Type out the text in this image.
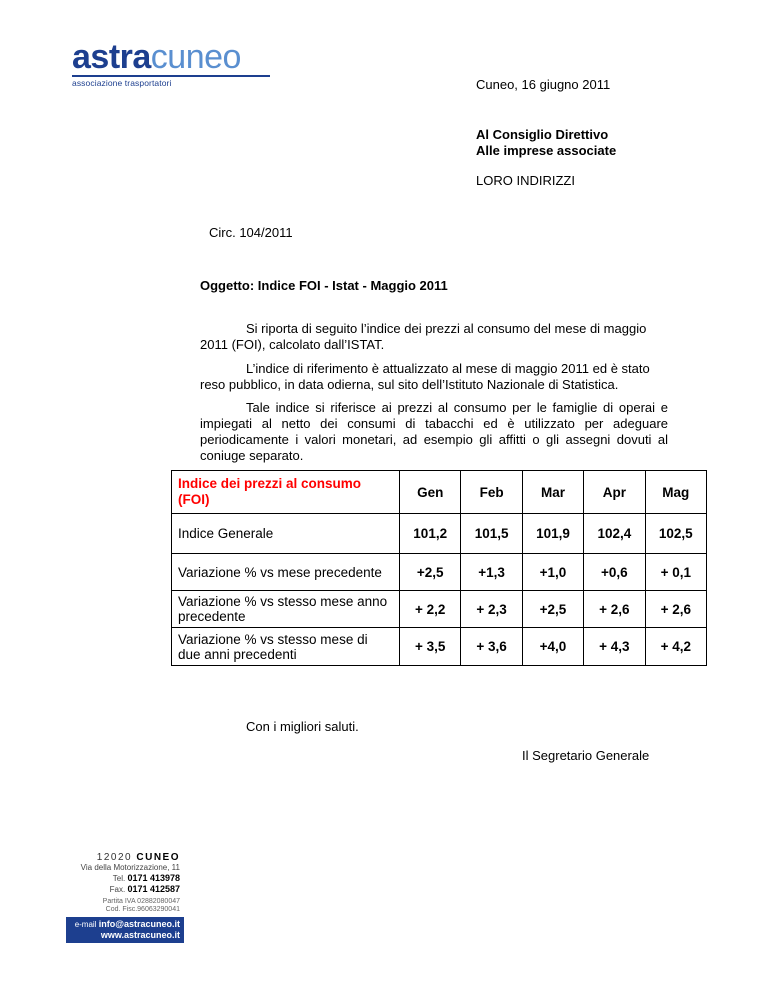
astracuneo
associazione trasportatori	Cuneo, 16 giugno 2011
Al Consiglio Direttivo
Alle imprese associate
LORO INDIRIZZI
Circ. 104/2011
Oggetto: Indice FOI - Istat - Maggio 2011
Si riporta di seguito l’indice dei prezzi al consumo del mese di maggio 2011 (FOI), calcolato dall’ISTAT.
L’indice di riferimento è attualizzato al mese di maggio 2011 ed è stato reso pubblico, in data odierna, sul sito dell’Istituto Nazionale di Statistica.
Tale indice si riferisce ai prezzi al consumo per le famiglie di operai e impiegati al netto dei consumi di tabacchi ed è utilizzato per adeguare periodicamente i valori monetari, ad esempio gli affitti o gli assegni dovuti al coniuge separato.
Indice dei prezzi al consumo (FOI)	Gen	Feb	Mar	Apr	Mag
Indice Generale	101,2	101,5	101,9	102,4	102,5
Variazione % vs mese precedente	+2,5	+1,3	+1,0	+0,6	+ 0,1
Variazione % vs stesso mese anno precedente	+ 2,2	+ 2,3	+2,5	+ 2,6	+ 2,6
Variazione % vs stesso mese di due anni precedenti	+ 3,5	+ 3,6	+4,0	+ 4,3	+ 4,2
Con i migliori saluti.
Il Segretario Generale
12020 CUNEO
Via della Motorizzazione, 11
Tel. 0171 413978
Fax. 0171 412587
Partita IVA 02882080047
Cod. Fisc.96063290041
e-mail info@astracuneo.it
www.astracuneo.it
